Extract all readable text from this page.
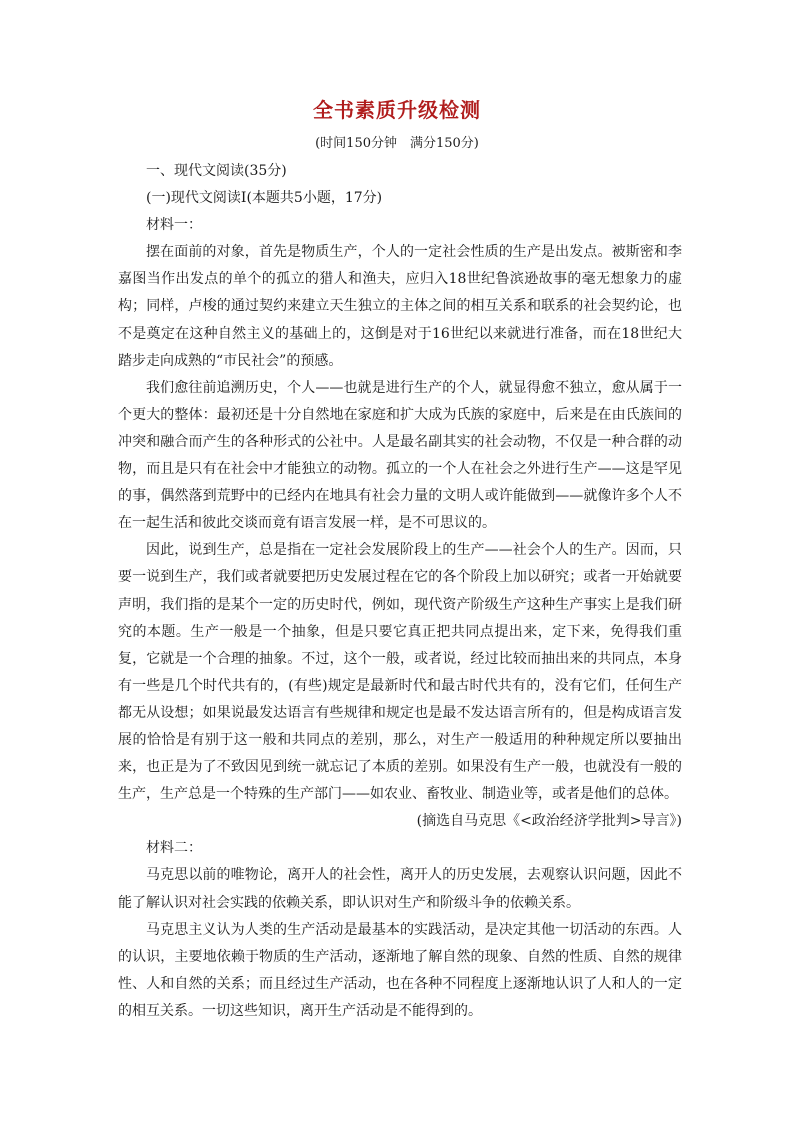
全书素质升级检测
(时间150分钟　满分150分)

一、现代文阅读(35分)

(一)现代文阅读Ⅰ(本题共5小题，17分)

材料一：

摆在面前的对象，首先是物质生产，个人的一定社会性质的生产是出发点。被斯密和李嘉图当作出发点的单个的孤立的猎人和渔夫，应归入18世纪鲁滨逊故事的毫无想象力的虚构；同样，卢梭的通过契约来建立天生独立的主体之间的相互关系和联系的社会契约论，也不是奠定在这种自然主义的基础上的，这倒是对于16世纪以来就进行准备，而在18世纪大踏步走向成熟的“市民社会”的预感。

我们愈往前追溯历史，个人——也就是进行生产的个人，就显得愈不独立，愈从属于一个更大的整体：最初还是十分自然地在家庭和扩大成为氏族的家庭中，后来是在由氏族间的冲突和融合而产生的各种形式的公社中。人是最名副其实的社会动物，不仅是一种合群的动物，而且是只有在社会中才能独立的动物。孤立的一个人在社会之外进行生产——这是罕见的事，偶然落到荒野中的已经内在地具有社会力量的文明人或许能做到——就像许多个人不在一起生活和彼此交谈而竟有语言发展一样，是不可思议的。

因此，说到生产，总是指在一定社会发展阶段上的生产——社会个人的生产。因而，只要一说到生产，我们或者就要把历史发展过程在它的各个阶段上加以研究；或者一开始就要声明，我们指的是某个一定的历史时代，例如，现代资产阶级生产这种生产事实上是我们研究的本题。生产一般是一个抽象，但是只要它真正把共同点提出来，定下来，免得我们重复，它就是一个合理的抽象。不过，这个一般，或者说，经过比较而抽出来的共同点，本身有一些是几个时代共有的，(有些)规定是最新时代和最古时代共有的，没有它们，任何生产都无从设想；如果说最发达语言有些规律和规定也是最不发达语言所有的，但是构成语言发展的恰恰是有别于这一般和共同点的差别，那么，对生产一般适用的种种规定所以要抽出来，也正是为了不致因见到统一就忘记了本质的差别。如果没有生产一般，也就没有一般的生产，生产总是一个特殊的生产部门——如农业、畜牧业、制造业等，或者是他们的总体。

(摘选自马克思《<政治经济学批判>导言》)

材料二：

马克思以前的唯物论，离开人的社会性，离开人的历史发展，去观察认识问题，因此不能了解认识对社会实践的依赖关系，即认识对生产和阶级斗争的依赖关系。

马克思主义认为人类的生产活动是最基本的实践活动，是决定其他一切活动的东西。人的认识，主要地依赖于物质的生产活动，逐渐地了解自然的现象、自然的性质、自然的规律性、人和自然的关系；而且经过生产活动，也在各种不同程度上逐渐地认识了人和人的一定的相互关系。一切这些知识，离开生产活动是不能得到的。
